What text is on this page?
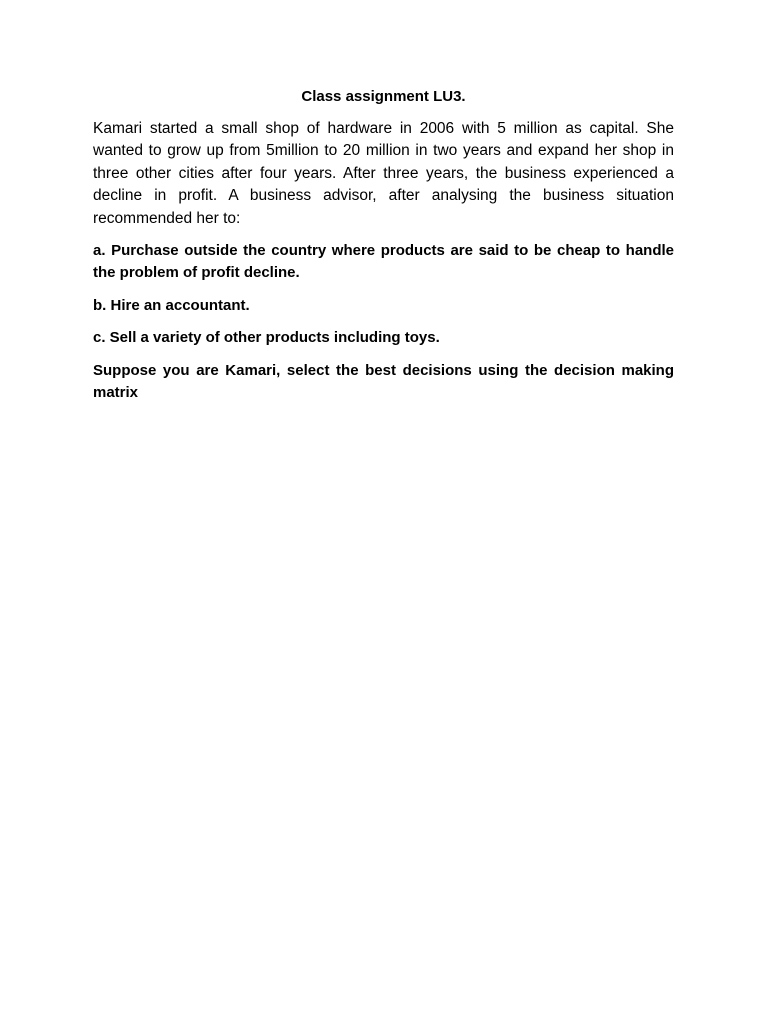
Class assignment LU3.

Kamari started a small shop of hardware in 2006 with 5 million as capital. She wanted to grow up from 5million to 20 million in two years and expand her shop in three other cities after four years. After three years, the business experienced a decline in profit. A business advisor, after analysing the business situation recommended her to:

a. Purchase outside the country where products are said to be cheap to handle the problem of profit decline.

b. Hire an accountant.

c. Sell a variety of other products including toys.

Suppose you are Kamari, select the best decisions using the decision making matrix
